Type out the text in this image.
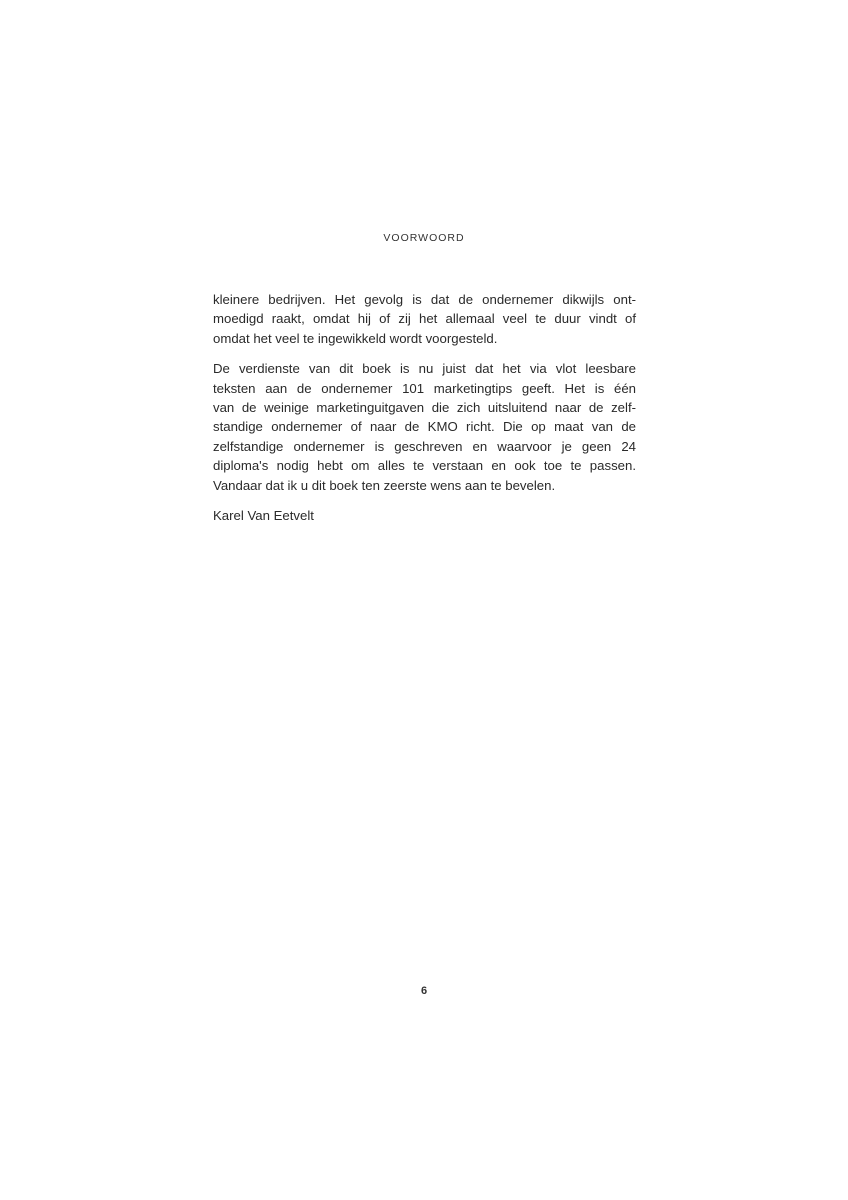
VOORWOORD
kleinere bedrijven. Het gevolg is dat de ondernemer dikwijls ont-
moedigd raakt, omdat hij of zij het allemaal veel te duur vindt of
omdat het veel te ingewikkeld wordt voorgesteld.
De verdienste van dit boek is nu juist dat het via vlot leesbare
teksten aan de ondernemer 101 marketingtips geeft. Het is één
van de weinige marketinguitgaven die zich uitsluitend naar de zelf-
standige ondernemer of naar de KMO richt. Die op maat van de
zelfstandige ondernemer is geschreven en waarvoor je geen 24
diploma's nodig hebt om alles te verstaan en ook toe te passen.
Vandaar dat ik u dit boek ten zeerste wens aan te bevelen.
Karel Van Eetvelt
6
